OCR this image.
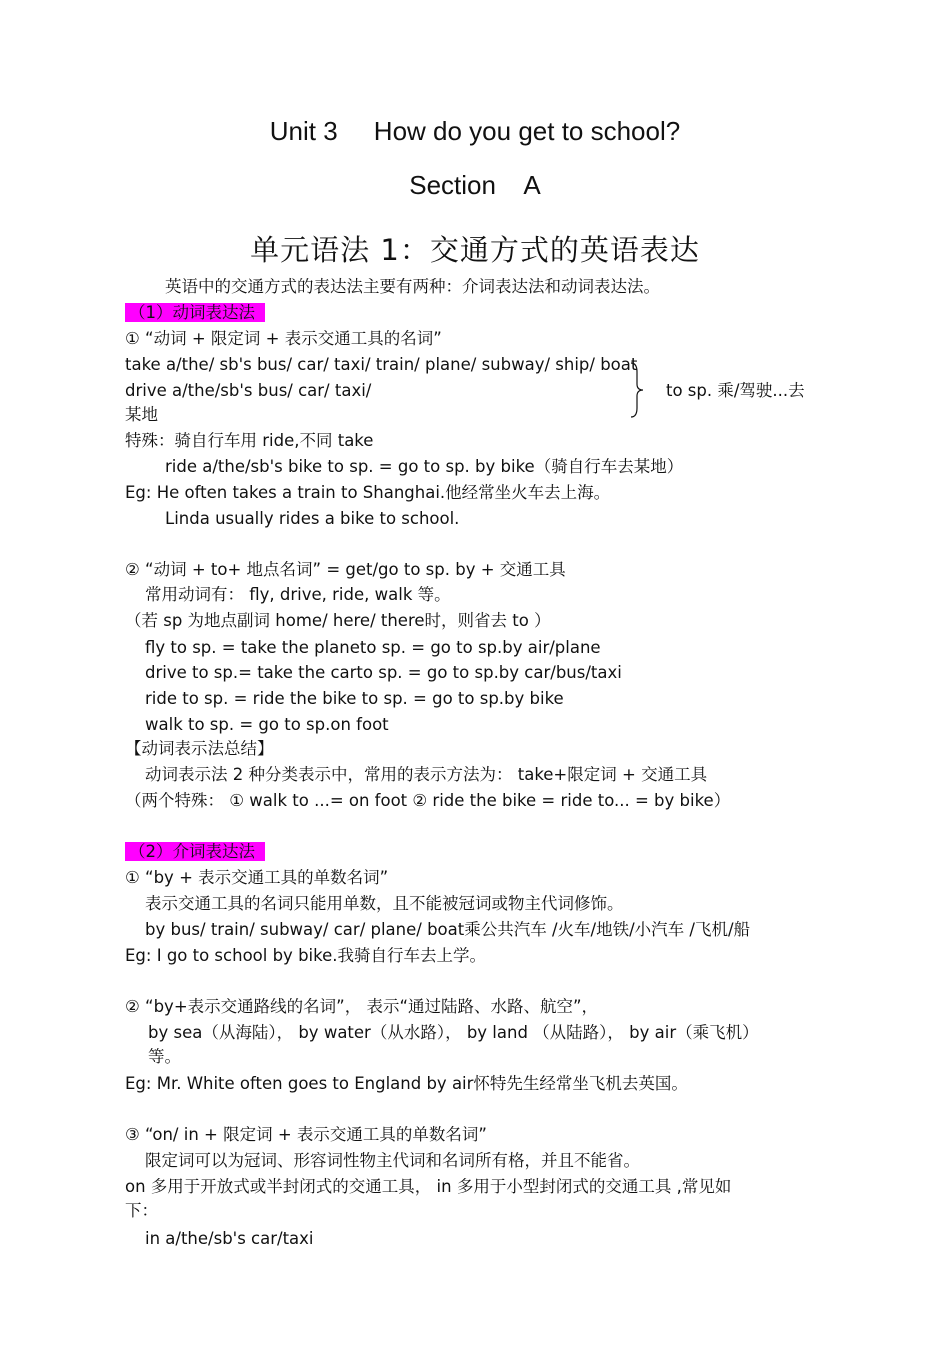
Unit 3     How do you get to school?
Section    A
单元语法 1：交通方式的英语表达
英语中的交通方式的表达法主要有两种：介词表达法和动词表达法。
（1）动词表达法
① “动词 + 限定词 + 表示交通工具的名词”
take a/the/ sb's bus/ car/ taxi/ train/ plane/ subway/ ship/ boat
drive a/the/sb's bus/ car/ taxi/	to sp. 乘/驾驶...去
某地
特殊：骑自行车用 ride,不同 take
ride a/the/sb's bike to sp. = go to sp. by bike（骑自行车去某地）
Eg: He often takes a train to Shanghai.他经常坐火车去上海。
Linda usually rides a bike to school.
② “动词 + to+ 地点名词” = get/go to sp. by + 交通工具
常用动词有： fly, drive, ride, walk 等。
（若 sp 为地点副词 home/ here/ there时，则省去 to ）
fly to sp. = take the planeto sp. = go to sp.by air/plane
drive to sp.= take the carto sp. = go to sp.by car/bus/taxi
ride to sp. = ride the bike to sp. = go to sp.by bike
walk to sp. = go to sp.on foot
【动词表示法总结】
动词表示法 2 种分类表示中，常用的表示方法为： take+限定词 + 交通工具
（两个特殊： ① walk to ...= on foot ② ride the bike = ride to... = by bike）
（2）介词表达法
① “by + 表示交通工具的单数名词”
表示交通工具的名词只能用单数，且不能被冠词或物主代词修饰。
by bus/ train/ subway/ car/ plane/ boat乘公共汽车 /火车/地铁/小汽车 /飞机/船
Eg: I go to school by bike.我骑自行车去上学。
② “by+表示交通路线的名词”， 表示“通过陆路、水路、航空”，
by sea（从海陆）， by water（从水路）， by land （从陆路）， by air（乘飞机）
等。
Eg: Mr. White often goes to England by air怀特先生经常坐飞机去英国。
③ “on/ in + 限定词 + 表示交通工具的单数名词”
限定词可以为冠词、形容词性物主代词和名词所有格，并且不能省。
on 多用于开放式或半封闭式的交通工具， in 多用于小型封闭式的交通工具 ,常见如
下：
in a/the/sb's car/taxi
